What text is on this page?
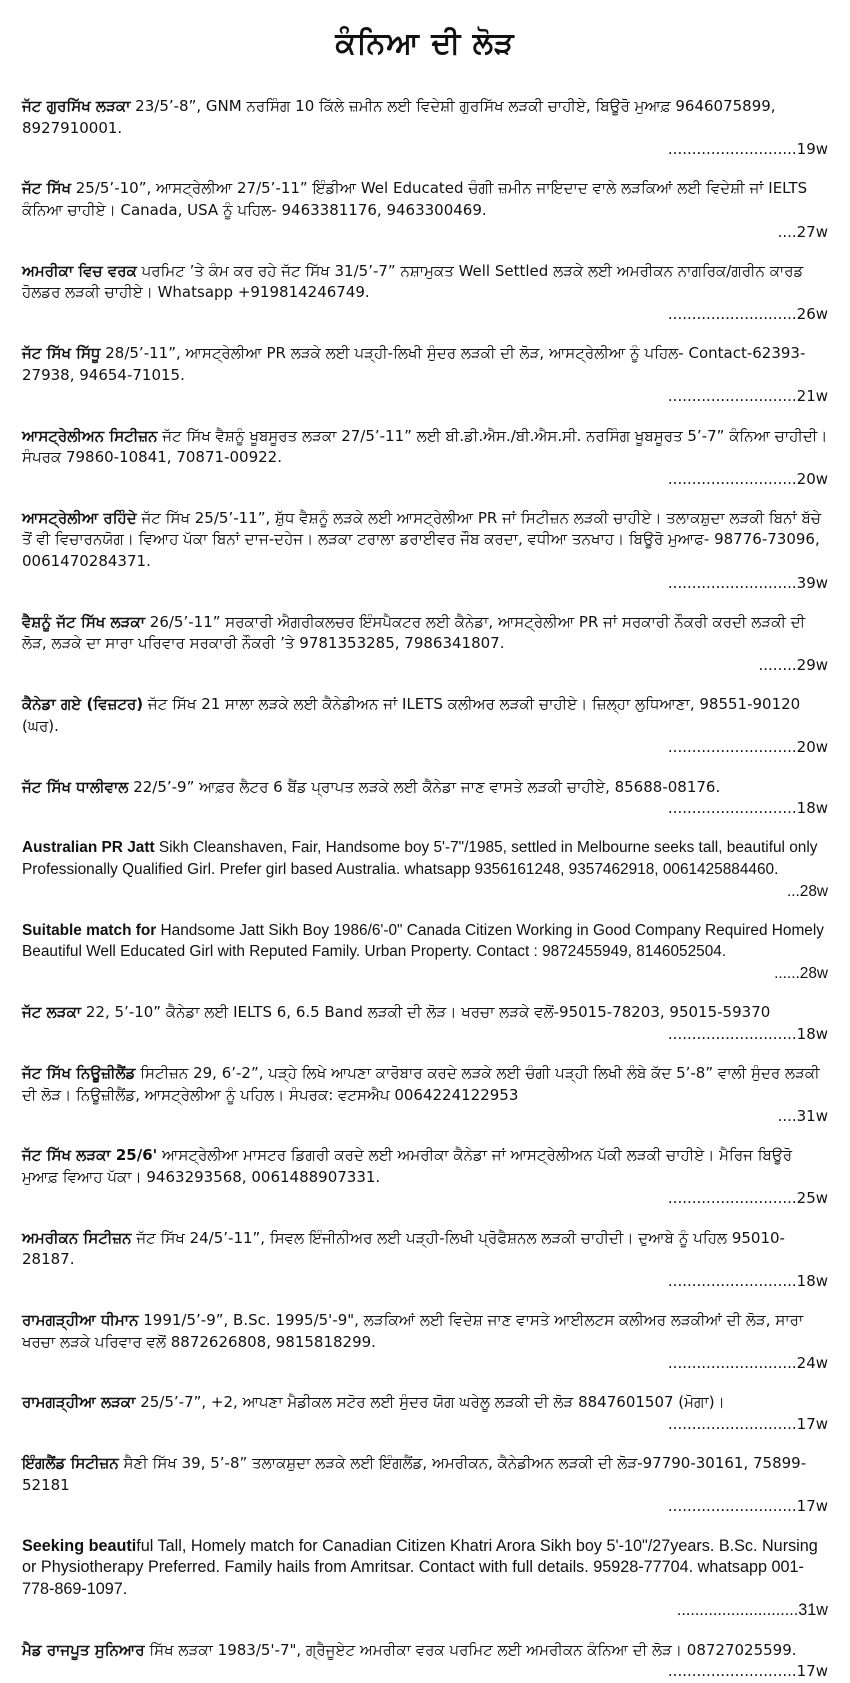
ਕੰਨਿਆ ਦੀ ਲੋੜ
ਜੱਟ ਗੁਰਸਿੱਖ ਲੜਕਾ 23/5’-8”, GNM ਨਰਸਿੰਗ 10 ਕਿੱਲੇ ਜ਼ਮੀਨ ਲਈ ਵਿਦੇਸ਼ੀ ਗੁਰਸਿੱਖ ਲੜਕੀ ਚਾਹੀਏ, ਬਿਊਰੋ ਮੁਆਫ਼ 9646075899, 8927910001.
...........................19w
ਜੱਟ ਸਿੱਖ 25/5’-10”, ਆਸਟ੍ਰੇਲੀਆ 27/5’-11” ਇੰਡੀਆ Wel Educated ਚੰਗੀ ਜ਼ਮੀਨ ਜਾਇਦਾਦ ਵਾਲੇ ਲੜਕਿਆਂ ਲਈ ਵਿਦੇਸ਼ੀ ਜਾਂ IELTS ਕੰਨਿਆ ਚਾਹੀਏ। Canada, USA ਨੂੰ ਪਹਿਲ- 9463381176, 9463300469.
....27w
ਅਮਰੀਕਾ ਵਿਚ ਵਰਕ ਪਰਮਿਟ ’ਤੇ ਕੰਮ ਕਰ ਰਹੇ ਜੱਟ ਸਿੱਖ 31/5’-7” ਨਸ਼ਾਮੁਕਤ Well Settled ਲੜਕੇ ਲਈ ਅਮਰੀਕਨ ਨਾਗਰਿਕ/ਗਰੀਨ ਕਾਰਡ ਹੋਲਡਰ ਲੜਕੀ ਚਾਹੀਏ। Whatsapp +919814246749.
...........................26w
ਜੱਟ ਸਿੱਖ ਸਿੱਧੂ 28/5’-11”, ਆਸਟ੍ਰੇਲੀਆ PR ਲੜਕੇ ਲਈ ਪੜ੍ਹੀ-ਲਿਖੀ ਸੁੰਦਰ ਲੜਕੀ ਦੀ ਲੋੜ, ਆਸਟ੍ਰੇਲੀਆ ਨੂੰ ਪਹਿਲ- Contact-62393-27938, 94654-71015.
...........................21w
ਆਸਟ੍ਰੇਲੀਅਨ ਸਿਟੀਜ਼ਨ ਜੱਟ ਸਿੱਖ ਵੈਸ਼ਨੂੰ ਖੂਬਸੂਰਤ ਲੜਕਾ 27/5’-11” ਲਈ ਬੀ.ਡੀ.ਐਸ./ਬੀ.ਐਸ.ਸੀ. ਨਰਸਿੰਗ ਖੂਬਸੂਰਤ 5’-7” ਕੰਨਿਆ ਚਾਹੀਦੀ। ਸੰਪਰਕ 79860-10841, 70871-00922.
...........................20w
ਆਸਟ੍ਰੇਲੀਆ ਰਹਿੰਦੇ ਜੱਟ ਸਿੱਖ 25/5’-11”, ਸ਼ੁੱਧ ਵੈਸ਼ਨੂੰ ਲੜਕੇ ਲਈ ਆਸਟ੍ਰੇਲੀਆ PR ਜਾਂ ਸਿਟੀਜ਼ਨ ਲੜਕੀ ਚਾਹੀਏ। ਤਲਾਕਸ਼ੁਦਾ ਲੜਕੀ ਬਿਨਾਂ ਬੱਚੇ ਤੋਂ ਵੀ ਵਿਚਾਰਨਯੋਗ। ਵਿਆਹ ਪੱਕਾ ਬਿਨਾਂ ਦਾਜ-ਦਹੇਜ। ਲੜਕਾ ਟਰਾਲਾ ਡਰਾਈਵਰ ਜੌਬ ਕਰਦਾ, ਵਧੀਆ ਤਨਖਾਹ। ਬਿਊਰੋ ਮੁਆਫ- 98776-73096, 0061470284371.
...........................39w
ਵੈਸ਼ਨੂੰ ਜੱਟ ਸਿੱਖ ਲੜਕਾ 26/5’-11” ਸਰਕਾਰੀ ਐਗਰੀਕਲਚਰ ਇੰਸਪੈਕਟਰ ਲਈ ਕੈਨੇਡਾ, ਆਸਟ੍ਰੇਲੀਆ PR ਜਾਂ ਸਰਕਾਰੀ ਨੌਕਰੀ ਕਰਦੀ ਲੜਕੀ ਦੀ ਲੋੜ, ਲੜਕੇ ਦਾ ਸਾਰਾ ਪਰਿਵਾਰ ਸਰਕਾਰੀ ਨੌਕਰੀ ’ਤੇ 9781353285, 7986341807.
........29w
ਕੈਨੇਡਾ ਗਏ (ਵਿਜ਼ਟਰ) ਜੱਟ ਸਿੱਖ 21 ਸਾਲਾ ਲੜਕੇ ਲਈ ਕੈਨੇਡੀਅਨ ਜਾਂ ILETS ਕਲੀਅਰ ਲੜਕੀ ਚਾਹੀਏ। ਜ਼ਿਲ੍ਹਾ ਲੁਧਿਆਣਾ, 98551-90120 (ਘਰ).
...........................20w
ਜੱਟ ਸਿੱਖ ਧਾਲੀਵਾਲ 22/5’-9” ਆਫ਼ਰ ਲੈਟਰ 6 ਬੈਂਡ ਪ੍ਰਾਪਤ ਲੜਕੇ ਲਈ ਕੈਨੇਡਾ ਜਾਣ ਵਾਸਤੇ ਲੜਕੀ ਚਾਹੀਏ, 85688-08176.
...........................18w
Australian PR Jatt Sikh Cleanshaven, Fair, Handsome boy 5'-7"/1985, settled in Melbourne seeks tall, beautiful only Professionally Qualified Girl. Prefer girl based Australia. whatsapp 9356161248, 9357462918, 0061425884460.
...28w
Suitable match for Handsome Jatt Sikh Boy 1986/6'-0" Canada Citizen Working in Good Company Required Homely Beautiful Well Educated Girl with Reputed Family. Urban Property. Contact : 9872455949, 8146052504.
......28w
ਜੱਟ ਲੜਕਾ 22, 5’-10” ਕੈਨੇਡਾ ਲਈ IELTS 6, 6.5 Band ਲੜਕੀ ਦੀ ਲੋੜ। ਖਰਚਾ ਲੜਕੇ ਵਲੋਂ-95015-78203, 95015-59370
...........................18w
ਜੱਟ ਸਿੱਖ ਨਿਊਜ਼ੀਲੈਂਡ ਸਿਟੀਜ਼ਨ 29, 6’-2”, ਪੜ੍ਹੇ ਲਿਖੇ ਆਪਣਾ ਕਾਰੋਬਾਰ ਕਰਦੇ ਲੜਕੇ ਲਈ ਚੰਗੀ ਪੜ੍ਹੀ ਲਿਖੀ ਲੰਬੇ ਕੱਦ 5’-8” ਵਾਲੀ ਸੁੰਦਰ ਲੜਕੀ ਦੀ ਲੋੜ। ਨਿਊਜ਼ੀਲੈਂਡ, ਆਸਟ੍ਰੇਲੀਆ ਨੂੰ ਪਹਿਲ। ਸੰਪਰਕ: ਵਟਸਐਪ 0064224122953
....31w
ਜੱਟ ਸਿੱਖ ਲੜਕਾ 25/6' ਆਸਟ੍ਰੇਲੀਆ ਮਾਸਟਰ ਡਿਗਰੀ ਕਰਦੇ ਲਈ ਅਮਰੀਕਾ ਕੈਨੇਡਾ ਜਾਂ ਆਸਟ੍ਰੇਲੀਅਨ ਪੱਕੀ ਲੜਕੀ ਚਾਹੀਏ। ਮੈਰਿਜ ਬਿਊਰੋ ਮੁਆਫ਼ ਵਿਆਹ ਪੱਕਾ। 9463293568, 0061488907331.
...........................25w
ਅਮਰੀਕਨ ਸਿਟੀਜ਼ਨ ਜੱਟ ਸਿੱਖ 24/5’-11”, ਸਿਵਲ ਇੰਜੀਨੀਅਰ ਲਈ ਪੜ੍ਹੀ-ਲਿਖੀ ਪ੍ਰੋਫੈਸ਼ਨਲ ਲੜਕੀ ਚਾਹੀਦੀ। ਦੁਆਬੇ ਨੂੰ ਪਹਿਲ 95010-28187.
...........................18w
ਰਾਮਗੜ੍ਹੀਆ ਧੀਮਾਨ 1991/5’-9”, B.Sc. 1995/5'-9", ਲੜਕਿਆਂ ਲਈ ਵਿਦੇਸ਼ ਜਾਣ ਵਾਸਤੇ ਆਈਲਟਸ ਕਲੀਅਰ ਲੜਕੀਆਂ ਦੀ ਲੋੜ, ਸਾਰਾ ਖਰਚਾ ਲੜਕੇ ਪਰਿਵਾਰ ਵਲੋਂ 8872626808, 9815818299.
...........................24w
ਰਾਮਗੜ੍ਹੀਆ ਲੜਕਾ 25/5’-7”, +2, ਆਪਣਾ ਮੈਡੀਕਲ ਸਟੋਰ ਲਈ ਸੁੰਦਰ ਯੋਗ ਘਰੇਲੂ ਲੜਕੀ ਦੀ ਲੋੜ 8847601507 (ਮੋਗਾ)।
...........................17w
ਇੰਗਲੈਂਡ ਸਿਟੀਜ਼ਨ ਸੈਣੀ ਸਿੱਖ 39, 5’-8” ਤਲਾਕਸ਼ੁਦਾ ਲੜਕੇ ਲਈ ਇੰਗਲੈਂਡ, ਅਮਰੀਕਨ, ਕੈਨੇਡੀਅਨ ਲੜਕੀ ਦੀ ਲੋੜ-97790-30161, 75899-52181
...........................17w
Seeking beautiful Tall, Homely match for Canadian Citizen Khatri Arora Sikh boy 5'-10"/27years. B.Sc. Nursing or Physiotherapy Preferred. Family hails from Amritsar. Contact with full details. 95928-77704. whatsapp 001-778-869-1097.
...........................31w
ਮੈਡ ਰਾਜਪੂਤ ਸੁਨਿਆਰ ਸਿੱਖ ਲੜਕਾ 1983/5'-7", ਗ੍ਰੈਜੂਏਟ ਅਮਰੀਕਾ ਵਰਕ ਪਰਮਿਟ ਲਈ ਅਮਰੀਕਨ ਕੰਨਿਆ ਦੀ ਲੋੜ। 08727025599.
...........................17w
